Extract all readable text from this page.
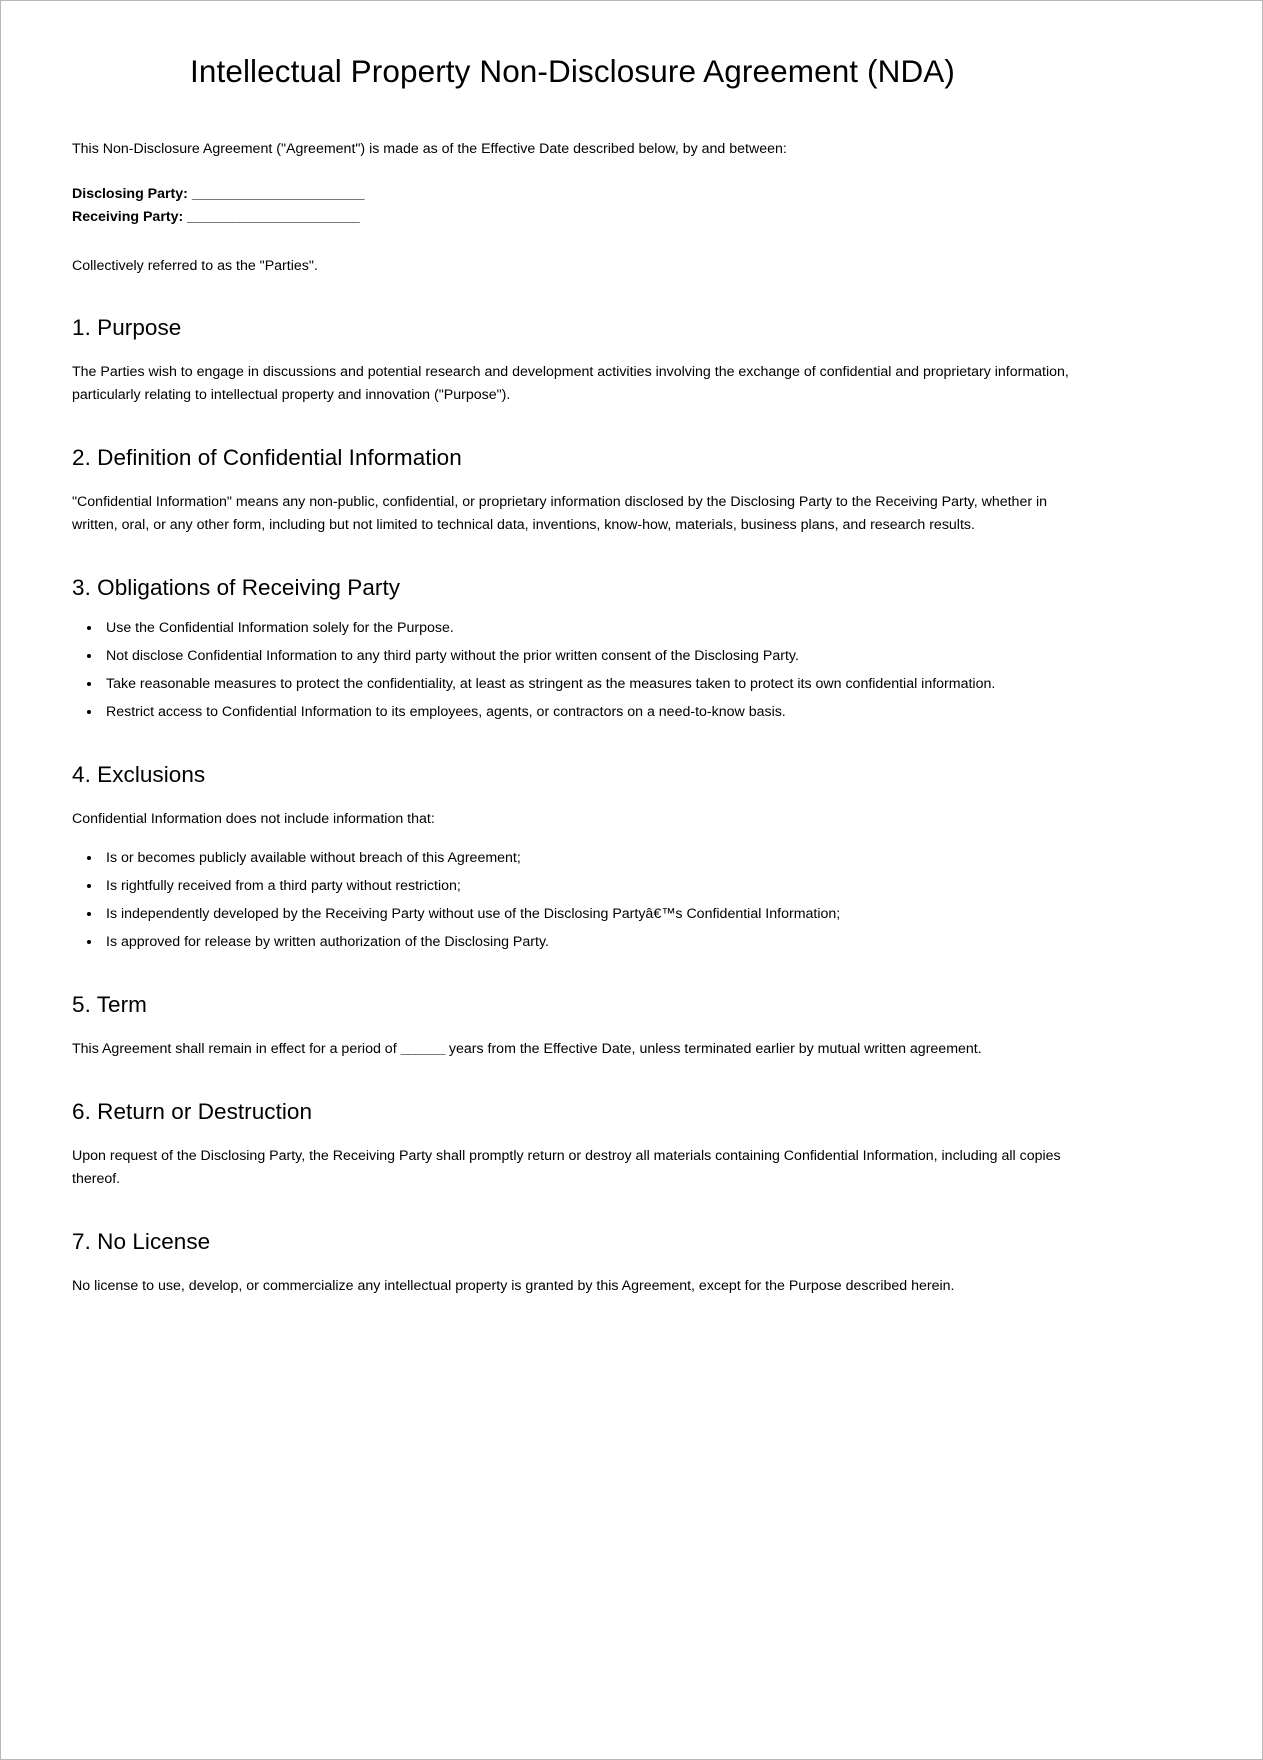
Intellectual Property Non-Disclosure Agreement (NDA)

This Non-Disclosure Agreement ("Agreement") is made as of the Effective Date described below, by and between:

Disclosing Party: _______________________
Receiving Party: _______________________

Collectively referred to as the "Parties".

1. Purpose

The Parties wish to engage in discussions and potential research and development activities involving the exchange of confidential and proprietary information, particularly relating to intellectual property and innovation ("Purpose").

2. Definition of Confidential Information

"Confidential Information" means any non-public, confidential, or proprietary information disclosed by the Disclosing Party to the Receiving Party, whether in written, oral, or any other form, including but not limited to technical data, inventions, know-how, materials, business plans, and research results.

3. Obligations of Receiving Party
• Use the Confidential Information solely for the Purpose.
• Not disclose Confidential Information to any third party without the prior written consent of the Disclosing Party.
• Take reasonable measures to protect the confidentiality, at least as stringent as the measures taken to protect its own confidential information.
• Restrict access to Confidential Information to its employees, agents, or contractors on a need-to-know basis.
4. Exclusions

Confidential Information does not include information that:

• Is or becomes publicly available without breach of this Agreement;
• Is rightfully received from a third party without restriction;
• Is independently developed by the Receiving Party without use of the Disclosing Partyâ€™s Confidential Information;
• Is approved for release by written authorization of the Disclosing Party.
5. Term

This Agreement shall remain in effect for a period of ______ years from the Effective Date, unless terminated earlier by mutual written agreement.

6. Return or Destruction

Upon request of the Disclosing Party, the Receiving Party shall promptly return or destroy all materials containing Confidential Information, including all copies thereof.

7. No License

No license to use, develop, or commercialize any intellectual property is granted by this Agreement, except for the Purpose described herein.
